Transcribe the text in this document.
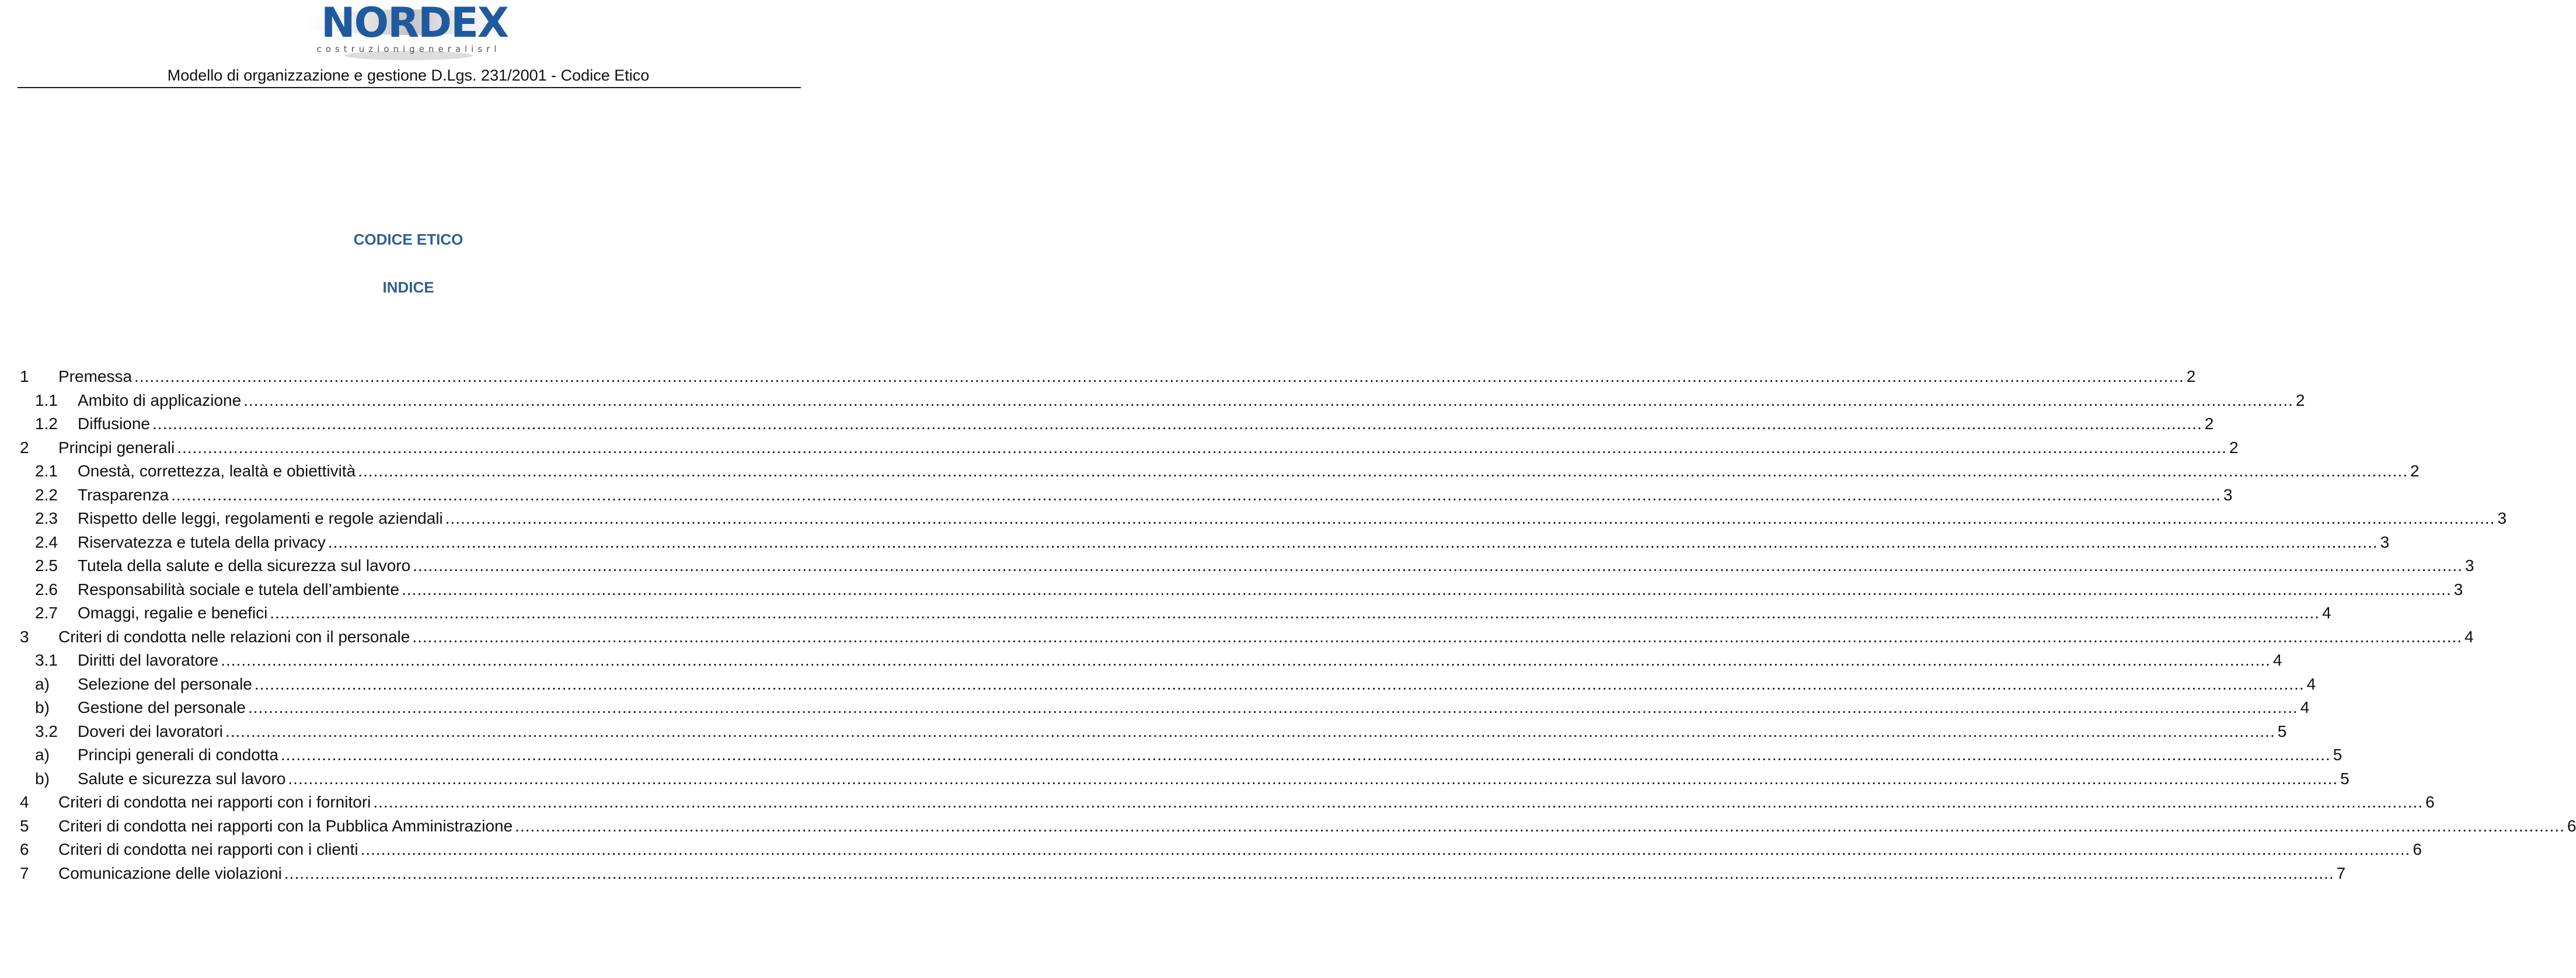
NORDEX
costruzionigeneralisrl
Modello di organizzazione e gestione D.Lgs. 231/2001 - Codice Etico
CODICE ETICO
INDICE
1 Premessa ................................................................................................................................................................................................................................................................................................................................................................................................................ 2
1.1 Ambito di applicazione ................................................................................................................................................................................................................................................................................................................................................................................................................ 2
1.2 Diffusione ................................................................................................................................................................................................................................................................................................................................................................................................................ 2
2 Principi generali ................................................................................................................................................................................................................................................................................................................................................................................................................ 2
2.1 Onestà, correttezza, lealtà e obiettività ................................................................................................................................................................................................................................................................................................................................................................................................................ 2
2.2 Trasparenza ................................................................................................................................................................................................................................................................................................................................................................................................................ 3
2.3 Rispetto delle leggi, regolamenti e regole aziendali ................................................................................................................................................................................................................................................................................................................................................................................................................ 3
2.4 Riservatezza e tutela della privacy ................................................................................................................................................................................................................................................................................................................................................................................................................ 3
2.5 Tutela della salute e della sicurezza sul lavoro ................................................................................................................................................................................................................................................................................................................................................................................................................ 3
2.6 Responsabilità sociale e tutela dell’ambiente ................................................................................................................................................................................................................................................................................................................................................................................................................ 3
2.7 Omaggi, regalie e benefici ................................................................................................................................................................................................................................................................................................................................................................................................................ 4
3 Criteri di condotta nelle relazioni con il personale ................................................................................................................................................................................................................................................................................................................................................................................................................ 4
3.1 Diritti del lavoratore ................................................................................................................................................................................................................................................................................................................................................................................................................ 4
a) Selezione del personale ................................................................................................................................................................................................................................................................................................................................................................................................................ 4
b) Gestione del personale ................................................................................................................................................................................................................................................................................................................................................................................................................ 4
3.2 Doveri dei lavoratori ................................................................................................................................................................................................................................................................................................................................................................................................................ 5
a) Principi generali di condotta ................................................................................................................................................................................................................................................................................................................................................................................................................ 5
b) Salute e sicurezza sul lavoro ................................................................................................................................................................................................................................................................................................................................................................................................................ 5
4 Criteri di condotta nei rapporti con i fornitori ................................................................................................................................................................................................................................................................................................................................................................................................................ 6
5 Criteri di condotta nei rapporti con la Pubblica Amministrazione ................................................................................................................................................................................................................................................................................................................................................................................................................ 6
6 Criteri di condotta nei rapporti con i clienti ................................................................................................................................................................................................................................................................................................................................................................................................................ 6
7 Comunicazione delle violazioni ................................................................................................................................................................................................................................................................................................................................................................................................................ 7
